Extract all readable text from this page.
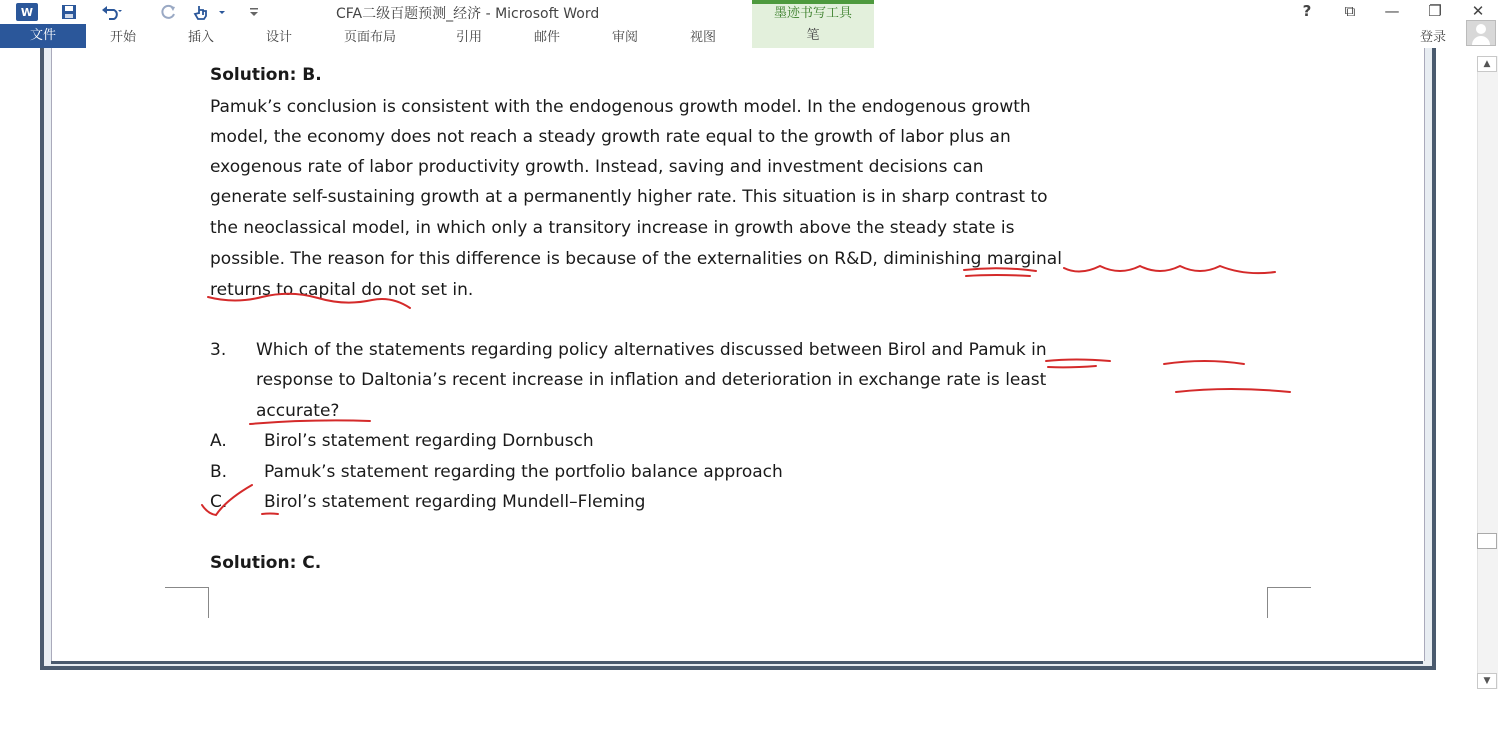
W	CFA二级百题预测_经济 - Microsoft Word	墨迹书写工具	?	⧉	—	❐	✕
文件	开始	插入	设计	页面布局	引用	邮件	审阅	视图	笔	登录
Solution: B.
Pamuk’s conclusion is consistent with the endogenous growth model. In the endogenous growth
model, the economy does not reach a steady growth rate equal to the growth of labor plus an
exogenous rate of labor productivity growth. Instead, saving and investment decisions can
generate self-sustaining growth at a permanently higher rate. This situation is in sharp contrast to
the neoclassical model, in which only a transitory increase in growth above the steady state is
possible. The reason for this difference is because of the externalities on R&D, diminishing marginal
returns to capital do not set in.
3. Which of the statements regarding policy alternatives discussed between Birol and Pamuk in
response to Daltonia’s recent increase in inflation and deterioration in exchange rate is least
accurate?
A. Birol’s statement regarding Dornbusch
B. Pamuk’s statement regarding the portfolio balance approach
C. Birol’s statement regarding Mundell–Fleming
Solution: C.
▲
▼
